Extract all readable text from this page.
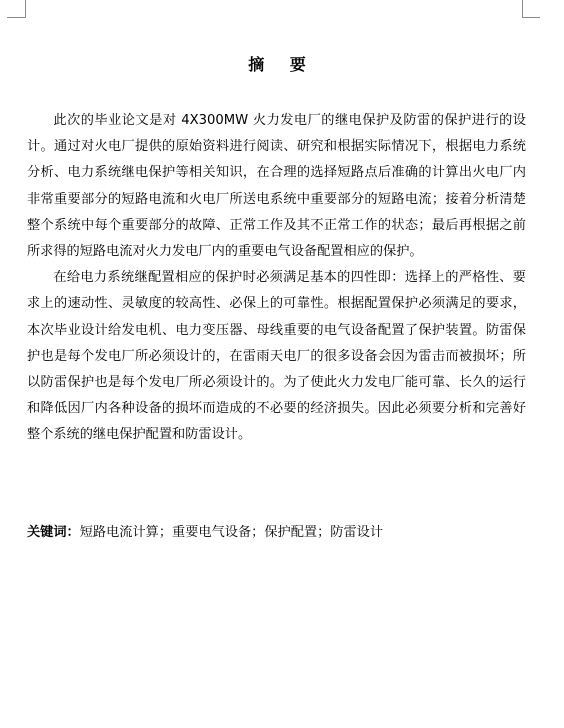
摘 要

此次的毕业论文是对 4X300MW 火力发电厂的继电保护及防雷的保护进行的设计。通过对火电厂提供的原始资料进行阅读、研究和根据实际情况下，根据电力系统分析、电力系统继电保护等相关知识，在合理的选择短路点后准确的计算出火电厂内非常重要部分的短路电流和火电厂所送电系统中重要部分的短路电流；接着分析清楚整个系统中每个重要部分的故障、正常工作及其不正常工作的状态；最后再根据之前所求得的短路电流对火力发电厂内的重要电气设备配置相应的保护。

在给电力系统继配置相应的保护时必须满足基本的四性即：选择上的严格性、要求上的速动性、灵敏度的较高性、必保上的可靠性。根据配置保护必须满足的要求，本次毕业设计给发电机、电力变压器、母线重要的电气设备配置了保护装置。防雷保护也是每个发电厂所必须设计的，在雷雨天电厂的很多设备会因为雷击而被损坏；所以防雷保护也是每个发电厂所必须设计的。为了使此火力发电厂能可靠、长久的运行和降低因厂内各种设备的损坏而造成的不必要的经济损失。因此必须要分析和完善好整个系统的继电保护配置和防雷设计。

关键词：短路电流计算；重要电气设备；保护配置；防雷设计
